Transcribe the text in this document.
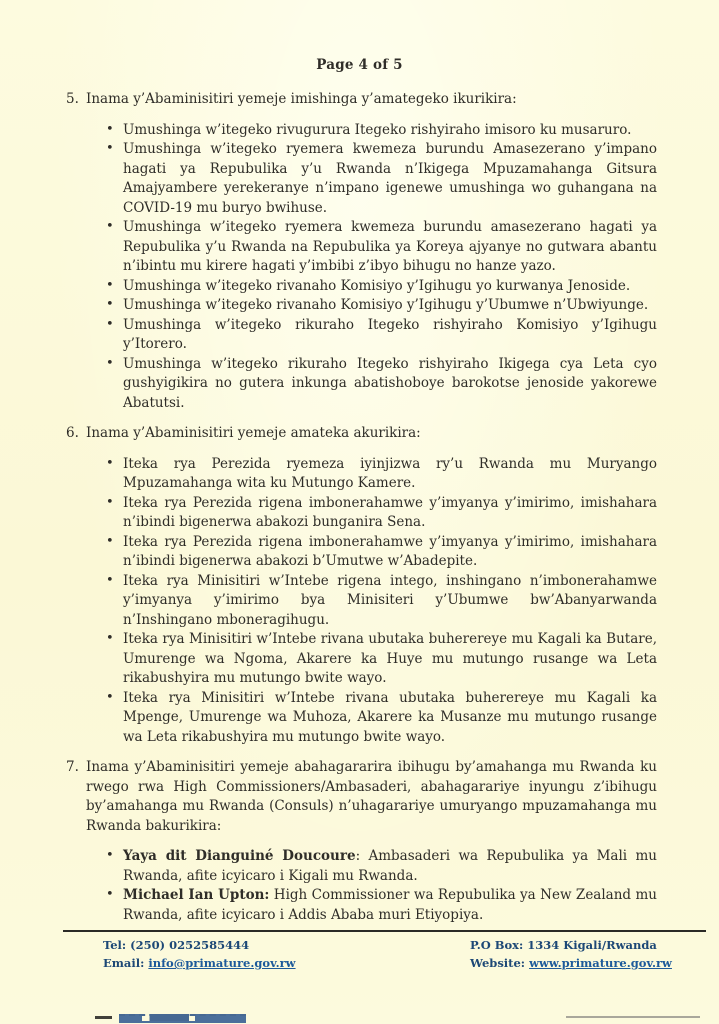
Page 4 of 5
5. Inama y’Abaminisitiri yemeje imishinga y’amategeko ikurikira:
• Umushinga w’itegeko rivugurura Itegeko rishyiraho imisoro ku musaruro.
• Umushinga w’itegeko ryemera kwemeza burundu Amasezerano y’impano hagati ya Repubulika y’u Rwanda n’Ikigega Mpuzamahanga Gitsura Amajyambere yerekeranye n’impano igenewe umushinga wo guhangana na COVID-19 mu buryo bwihuse.
• Umushinga w’itegeko ryemera kwemeza burundu amasezerano hagati ya Repubulika y’u Rwanda na Repubulika ya Koreya ajyanye no gutwara abantu n’ibintu mu kirere hagati y’imbibi z’ibyo bihugu no hanze yazo.
• Umushinga w’itegeko rivanaho Komisiyo y’Igihugu yo kurwanya Jenoside.
• Umushinga w’itegeko rivanaho Komisiyo y’Igihugu y’Ubumwe n’Ubwiyunge.
• Umushinga w’itegeko rikuraho Itegeko rishyiraho Komisiyo y’Igihugu y’Itorero.
• Umushinga w’itegeko rikuraho Itegeko rishyiraho Ikigega cya Leta cyo gushyigikira no gutera inkunga abatishoboye barokotse jenoside yakorewe Abatutsi.
6. Inama y’Abaminisitiri yemeje amateka akurikira:
• Iteka rya Perezida ryemeza iyinjizwa ry’u Rwanda mu Muryango Mpuzamahanga wita ku Mutungo Kamere.
• Iteka rya Perezida rigena imbonerahamwe y’imyanya y’imirimo, imishahara n’ibindi bigenerwa abakozi bunganira Sena.
• Iteka rya Perezida rigena imbonerahamwe y’imyanya y’imirimo, imishahara n’ibindi bigenerwa abakozi b’Umutwe w’Abadepite.
• Iteka rya Minisitiri w’Intebe rigena intego, inshingano n’imbonerahamwe y’imyanya y’imirimo bya Minisiteri y’Ubumwe bw’Abanyarwanda n’Inshingano mboneragihugu.
• Iteka rya Minisitiri w’Intebe rivana ubutaka buherereye mu Kagali ka Butare, Umurenge wa Ngoma, Akarere ka Huye mu mutungo rusange wa Leta rikabushyira mu mutungo bwite wayo.
• Iteka rya Minisitiri w’Intebe rivana ubutaka buherereye mu Kagali ka Mpenge, Umurenge wa Muhoza, Akarere ka Musanze mu mutungo rusange wa Leta rikabushyira mu mutungo bwite wayo.
7. Inama y’Abaminisitiri yemeje abahagararira ibihugu by’amahanga mu Rwanda ku rwego rwa High Commissioners/Ambasaderi, abahagarariye inyungu z’ibihugu by’amahanga mu Rwanda (Consuls) n’uhagarariye umuryango mpuzamahanga mu Rwanda bakurikira:
• Yaya dit Dianguiné Doucoure: Ambasaderi wa Repubulika ya Mali mu Rwanda, afite icyicaro i Kigali mu Rwanda.
• Michael Ian Upton: High Commissioner wa Repubulika ya New Zealand mu Rwanda, afite icyicaro i Addis Ababa muri Etiyopiya.
Tel: (250) 0252585444
Email: info@primature.gov.rw
P.O Box: 1334 Kigali/Rwanda
Website: www.primature.gov.rw
